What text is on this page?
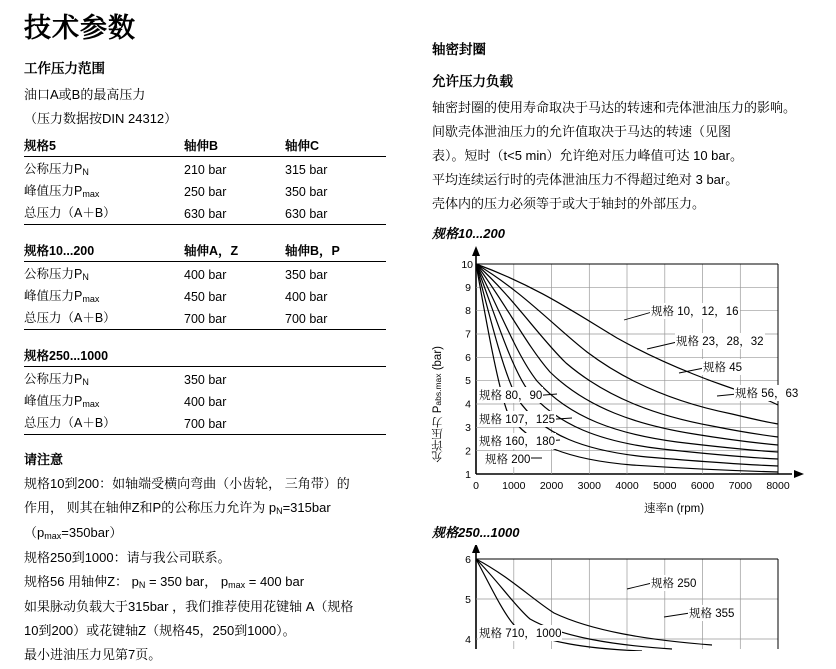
技术参数
工作压力范围
油口A或B的最高压力
（压力数据按DIN 24312）
规格5	轴伸B	轴伸C
公称压力$P_N$	210 bar	315 bar
峰值压力$P_{max}$	250 bar	350 bar
总压力（A＋B）	630 bar	630 bar
规格10...200	轴伸A，Z	轴伸B，P
公称压力$P_N$	400 bar	350 bar
峰值压力$P_{max}$	450 bar	400 bar
总压力（A＋B）	700 bar	700 bar
规格250...1000		
公称压力$P_N$	350 bar	
峰值压力$P_{max}$	400 bar	
总压力（A＋B）	700 bar	
请注意
规格10到200：如轴端受横向弯曲（小齿轮， 三角带）的
作用， 则其在轴伸Z和P的公称压力允许为 $p_N=315bar$
$(p_{max}=350bar)$
规格250到1000：请与我公司联系。
规格56 用轴伸Z： $p_N = 350$ bar， $p_{max} = 400$ bar
如果脉动负载大于315bar ，我们推荐使用花键轴 A（规格
10到200）或花键轴Z（规格45，250到1000）。
最小进油压力见第7页。
轴密封圈
允许压力负载
轴密封圈的使用寿命取决于马达的转速和壳体泄油压力的影响。
间歇壳体泄油压力的允许值取决于马达的转速（见图
表）。短时（t<5 min）允许绝对压力峰值可达 10 bar。
平均连续运行时的壳体泄油压力不得超过绝对 3 bar。
壳体内的压力必须等于或大于轴封的外部压力。
规格10...200
1
2
3
4
5
6
7
8
9
10
0 1000 2000 3000 4000 5000 6000 7000 8000
允许压力 Pabs.max (bar)
速率n (rpm)
规格 10，12，16
规格 23，28，32
规格 45
规格 56，63
规格 80，90
规格 107，125
规格 160，180
规格 200
规格250...1000
6
5
4
规格 250
规格 355
规格 710，1000
